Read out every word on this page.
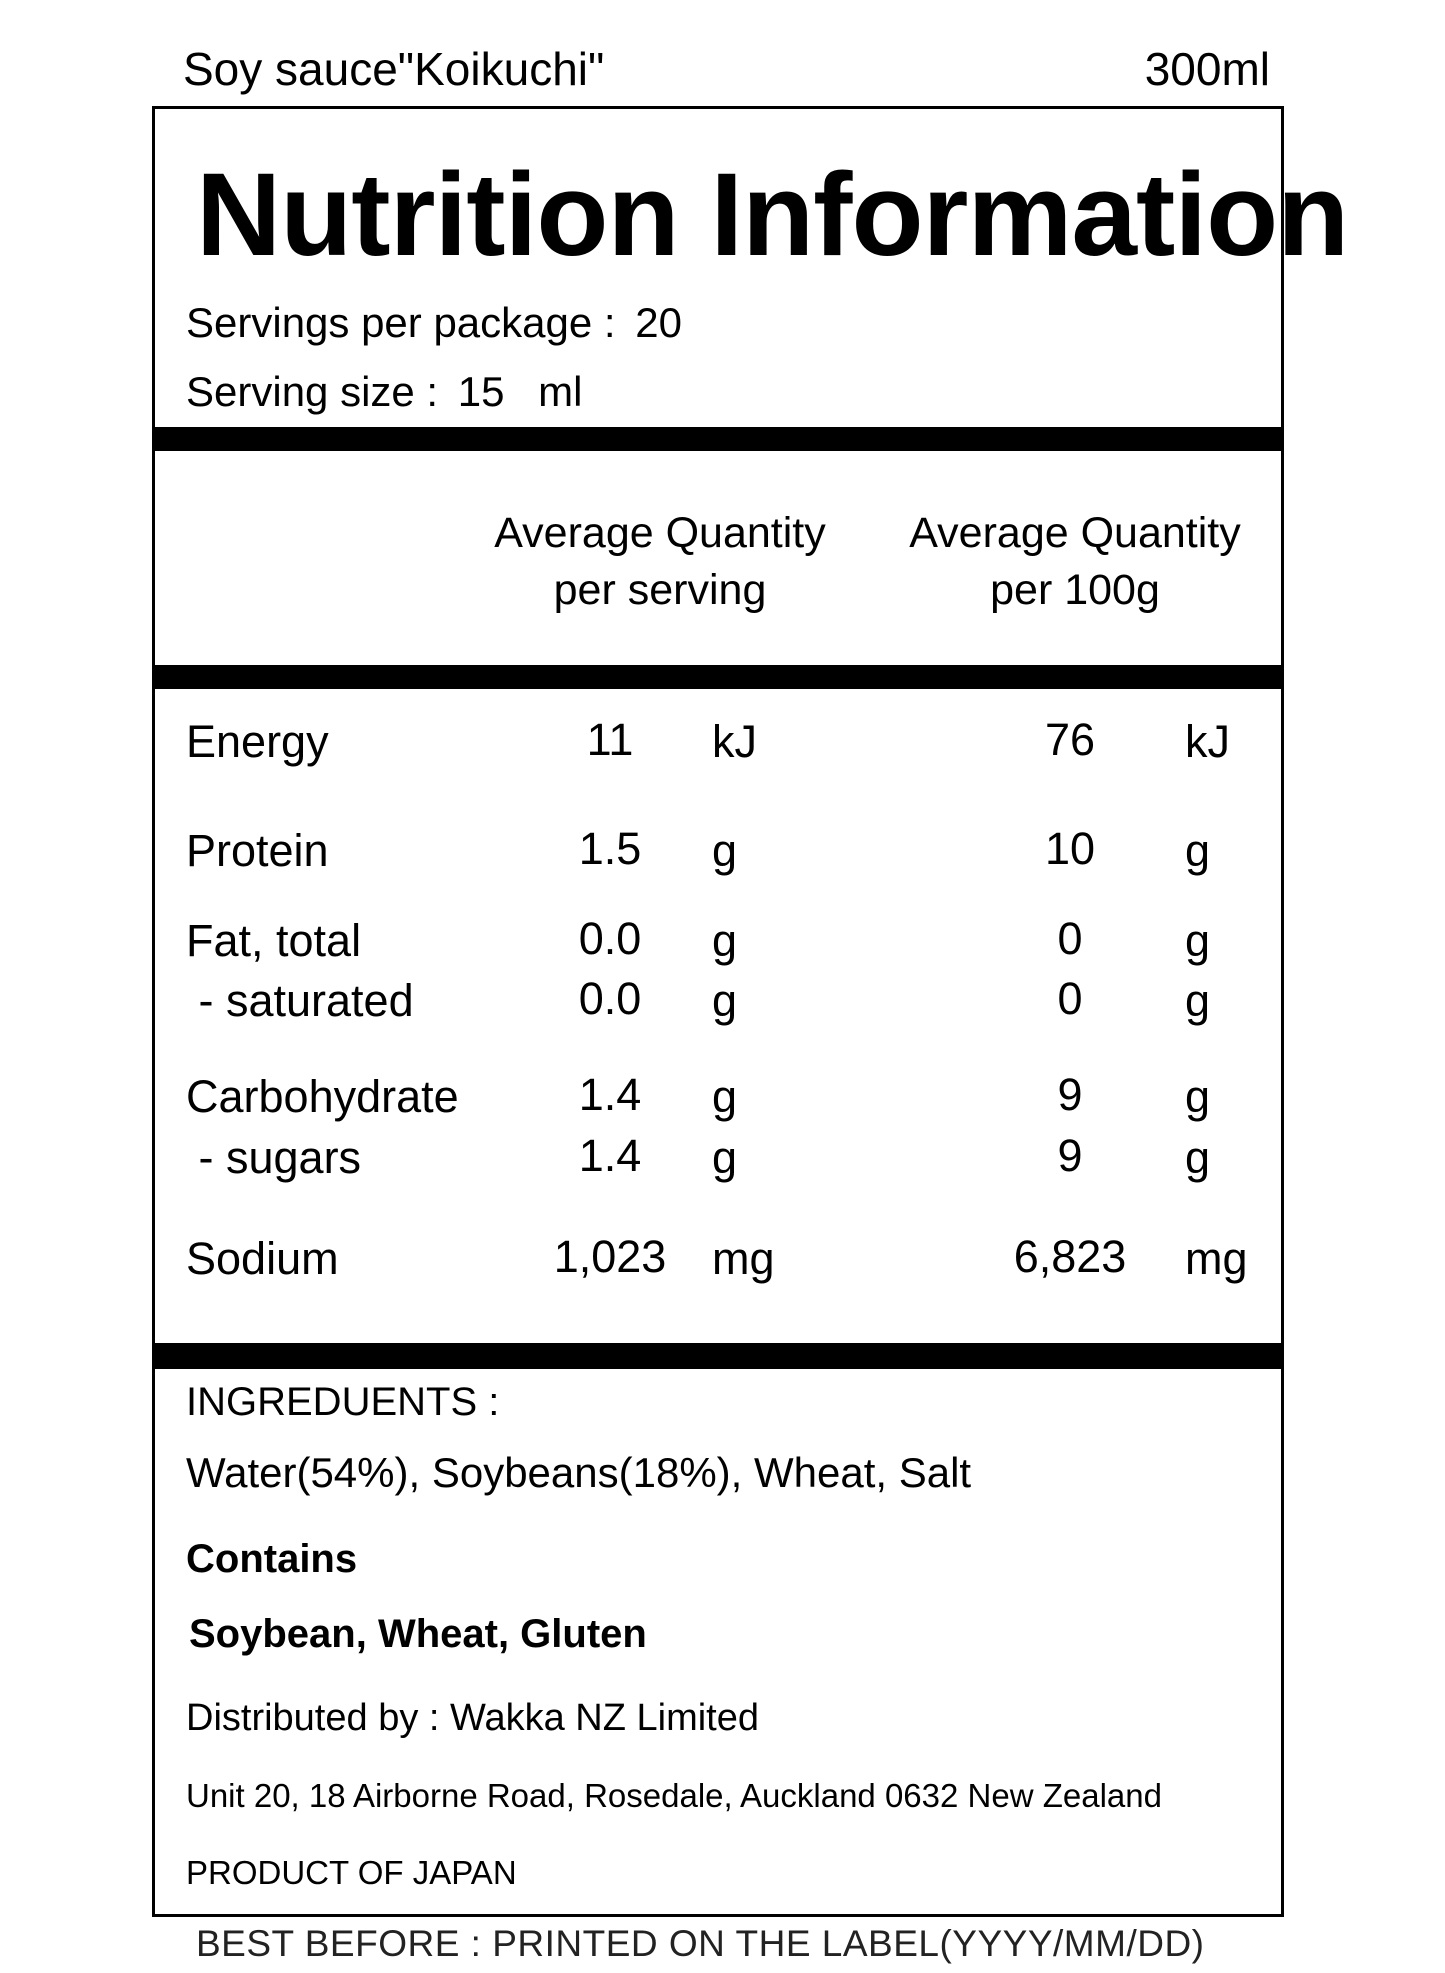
Soy sauce"Koikuchi"	300ml
Nutrition Information
Servings per package : 20
Serving size : 15 ml
Average Quantity
per serving
Average Quantity
per 100g
Energy	11	kJ	76	kJ
Protein	1.5	g	10	g
Fat, total	0.0	g	0	g
- saturated	0.0	g	0	g
Carbohydrate	1.4	g	9	g
- sugars	1.4	g	9	g
Sodium	1,023	mg	6,823	mg
INGREDUENTS :
Water(54%), Soybeans(18%), Wheat, Salt
Contains
Soybean, Wheat, Gluten
Distributed by : Wakka NZ Limited
Unit 20, 18 Airborne Road, Rosedale, Auckland 0632 New Zealand
PRODUCT OF JAPAN
BEST BEFORE : PRINTED ON THE LABEL(YYYY/MM/DD)
